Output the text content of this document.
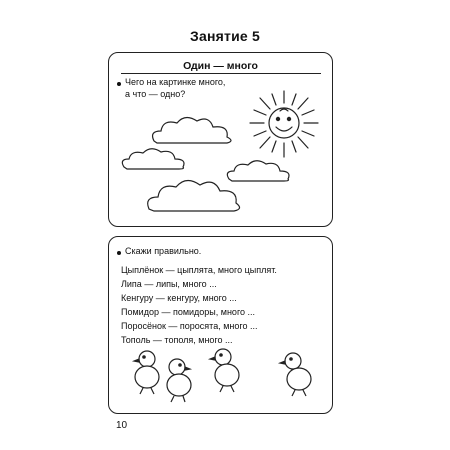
Занятие 5
Один — много
Чего на картинке много,
а что — одно?
Скажи правильно.
Цыплёнок — цыплята, много цыплят.
Липа — липы, много ...
Кенгуру — кенгуру, много ...
Помидор — помидоры, много ...
Поросёнок — поросята, много ...
Тополь — тополя, много ...
10
